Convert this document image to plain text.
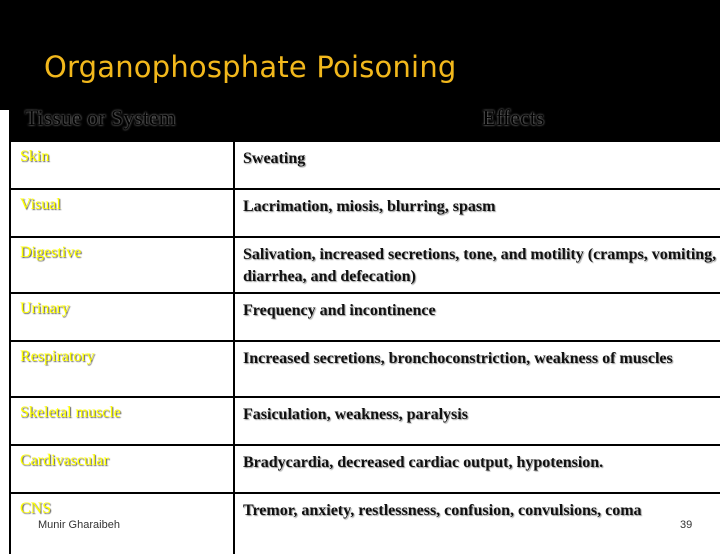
Organophosphate Poisoning
Tissue or System	Effects
Skin	Sweating
Visual	Lacrimation, miosis, blurring, spasm
Digestive	Salivation, increased secretions, tone, and motility (cramps, vomiting, diarrhea, and defecation)
Urinary	Frequency and incontinence
Respiratory	Increased secretions, bronchoconstriction, weakness of muscles
Skeletal muscle	Fasiculation, weakness, paralysis
Cardivascular	Bradycardia, decreased cardiac output, hypotension.
CNS	Tremor, anxiety, restlessness, confusion, convulsions, coma
Munir Gharaibeh	39
